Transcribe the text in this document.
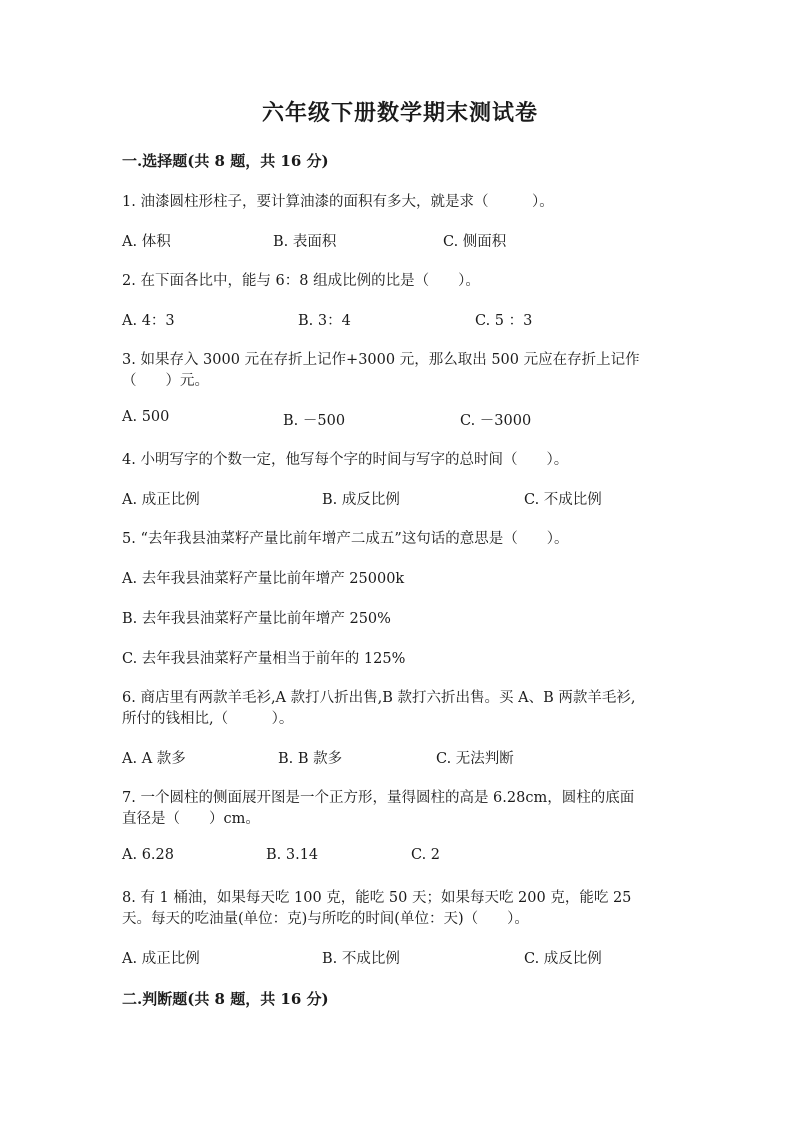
六年级下册数学期末测试卷
一.选择题(共 8 题，共 16 分)
1. 油漆圆柱形柱子，要计算油漆的面积有多大，就是求（　　　）。
A. 体积	B. 表面积	C. 侧面积
2. 在下面各比中，能与 6：8 组成比例的比是（　　）。
A. 4：3	B. 3：4	C. 5 ：3
3. 如果存入 3000 元在存折上记作+3000 元，那么取出 500 元应在存折上记作
（　　）元。
A. 500	B. －500	C. －3000
4. 小明写字的个数一定，他写每个字的时间与写字的总时间（　　）。
A. 成正比例	B. 成反比例	C. 不成比例
5. “去年我县油菜籽产量比前年增产二成五”这句话的意思是（　　）。
A. 去年我县油菜籽产量比前年增产 25000k
B. 去年我县油菜籽产量比前年增产 250%
C. 去年我县油菜籽产量相当于前年的 125%
6. 商店里有两款羊毛衫,A 款打八折出售,B 款打六折出售。买 A、B 两款羊毛衫,
所付的钱相比,（　　　）。
A. A 款多	B. B 款多	C. 无法判断
7. 一个圆柱的侧面展开图是一个正方形，量得圆柱的高是 6.28cm，圆柱的底面
直径是（　　）cm。
A. 6.28	B. 3.14	C. 2
8. 有 1 桶油，如果每天吃 100 克，能吃 50 天；如果每天吃 200 克，能吃 25
天。每天的吃油量(单位：克)与所吃的时间(单位：天)（　　）。
A. 成正比例	B. 不成比例	C. 成反比例
二.判断题(共 8 题，共 16 分)
